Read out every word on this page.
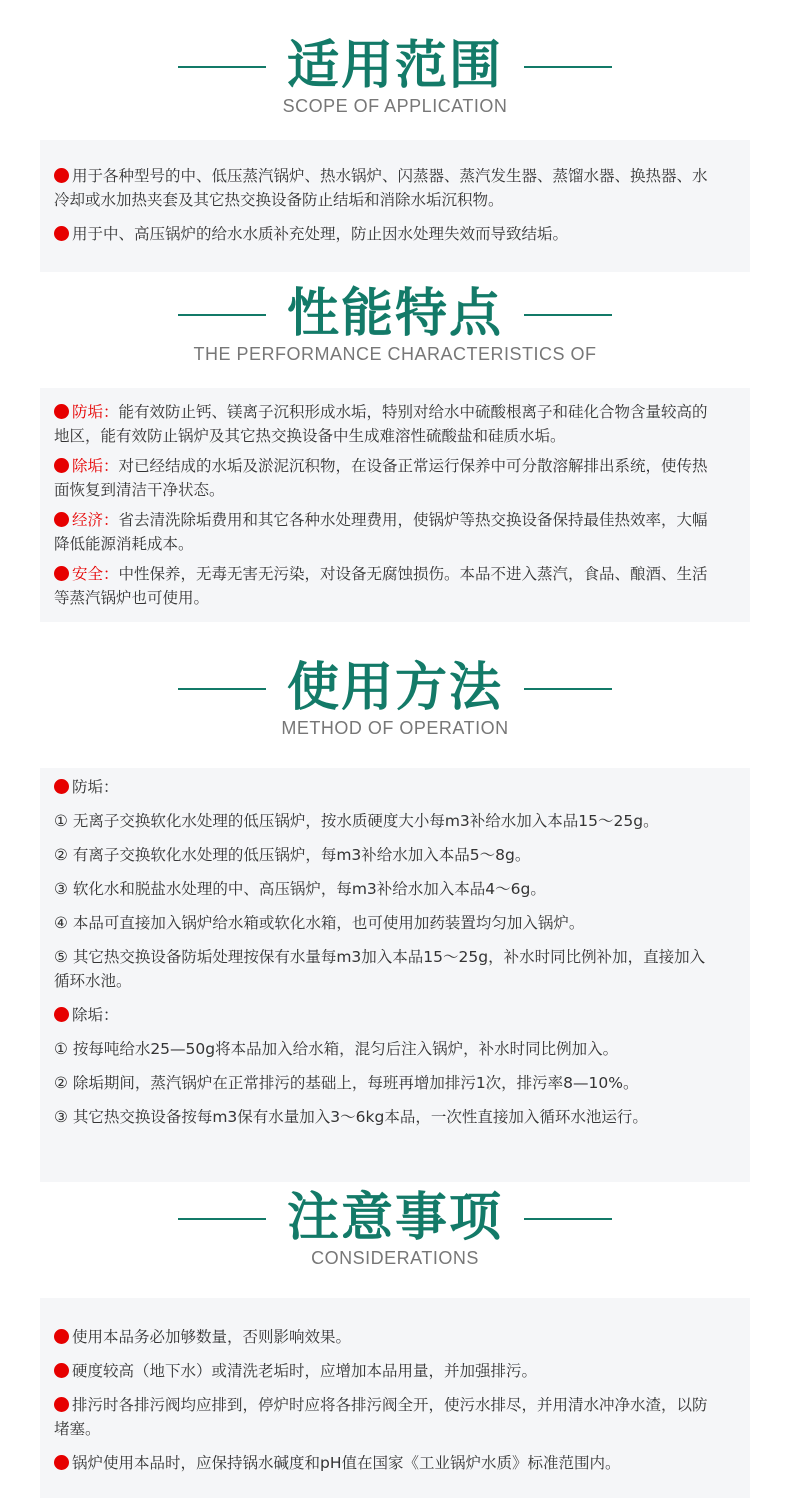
适用范围
SCOPE OF APPLICATION

用于各种型号的中、低压蒸汽锅炉、热水锅炉、闪蒸器、蒸汽发生器、蒸馏水器、换热器、水冷却或水加热夹套及其它热交换设备防止结垢和消除水垢沉积物。

用于中、高压锅炉的给水水质补充处理，防止因水处理失效而导致结垢。

性能特点
THE PERFORMANCE CHARACTERISTICS OF

防垢：能有效防止钙、镁离子沉积形成水垢，特别对给水中硫酸根离子和硅化合物含量较高的地区，能有效防止锅炉及其它热交换设备中生成难溶性硫酸盐和硅质水垢。

除垢：对已经结成的水垢及淤泥沉积物，在设备正常运行保养中可分散溶解排出系统，使传热面恢复到清洁干净状态。

经济：省去清洗除垢费用和其它各种水处理费用，使锅炉等热交换设备保持最佳热效率，大幅降低能源消耗成本。

安全：中性保养，无毒无害无污染，对设备无腐蚀损伤。本品不进入蒸汽，食品、酿酒、生活等蒸汽锅炉也可使用。

使用方法
METHOD OF OPERATION

防垢：

① 无离子交换软化水处理的低压锅炉，按水质硬度大小每m3补给水加入本品15～25g。

② 有离子交换软化水处理的低压锅炉，每m3补给水加入本品5～8g。

③ 软化水和脱盐水处理的中、高压锅炉，每m3补给水加入本品4～6g。

④ 本品可直接加入锅炉给水箱或软化水箱，也可使用加药装置均匀加入锅炉。

⑤ 其它热交换设备防垢处理按保有水量每m3加入本品15～25g，补水时同比例补加，直接加入循环水池。

除垢：

① 按每吨给水25—50g将本品加入给水箱，混匀后注入锅炉，补水时同比例加入。

② 除垢期间，蒸汽锅炉在正常排污的基础上，每班再增加排污1次，排污率8—10%。

③ 其它热交换设备按每m3保有水量加入3～6kg本品，一次性直接加入循环水池运行。

注意事项
CONSIDERATIONS

使用本品务必加够数量，否则影响效果。

硬度较高（地下水）或清洗老垢时，应增加本品用量，并加强排污。

排污时各排污阀均应排到，停炉时应将各排污阀全开，使污水排尽，并用清水冲净水渣，以防堵塞。

锅炉使用本品时，应保持锅水碱度和pH值在国家《工业锅炉水质》标准范围内。
